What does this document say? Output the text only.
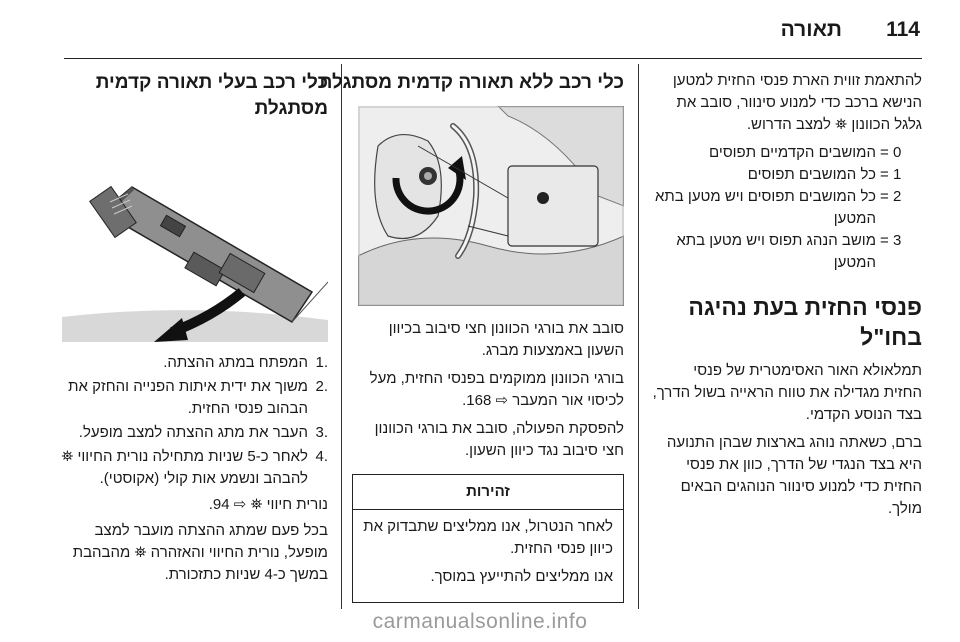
תאורה 114

להתאמת זווית הארת פנסי החזית למטען הנישא ברכב כדי למנוע סינוור, סובב את גלגל הכוונון ⛯ למצב הדרוש.

0 =
המושבים הקדמיים תפוסים
1 =
כל המושבים תפוסים
2 =
כל המושבים תפוסים ויש מטען בתא המטען
3 =
מושב הנהג תפוס ויש מטען בתא המטען
פנסי החזית בעת נהיגה בחו"ל

תמלאולא האור האסימטרית של פנסי החזית מגדילה את טווח הראייה בשול הדרך, בצד הנוסע הקדמי.

ברם, כשאתה נוהג בארצות שבהן התנועה היא בצד הנגדי של הדרך, כוון את פנסי החזית כדי למנוע סינוור הנוהגים הבאים מולך.

כלי רכב ללא תאורה קדמית מסתגלת

סובב את בורגי הכוונון חצי סיבוב בכיוון השעון באמצעות מברג.

בורגי הכוונון ממוקמים בפנסי החזית, מעל לכיסוי אור המעבר ⇨ 168.

להפסקת הפעולה, סובב את בורגי הכוונון חצי סיבוב נגד כיוון השעון.

זהירות

לאחר הנטרול, אנו ממליצים שתבדוק את כיוון פנסי החזית.

אנו ממליצים להתייעץ במוסך.

כלי רכב בעלי תאורה קדמית מסתגלת
.1
המפתח במתג ההצתה.
.2
משוך את ידית איתות הפנייה והחזק את הבהוב פנסי החזית.
.3
העבר את מתג ההצתה למצב מופעל.
.4
לאחר כ-5 שניות מתחילה נורית החיווי ⛯ להבהב ונשמע אות קולי (אקוסטי).

נורית חיווי ⛯ ⇨ 94.

בכל פעם שמתג ההצתה מועבר למצב מופעל, נורית החיווי והאזהרה ⛯ מהבהבת במשך כ-4 שניות כתזכורת.

carmanualsonline.info
